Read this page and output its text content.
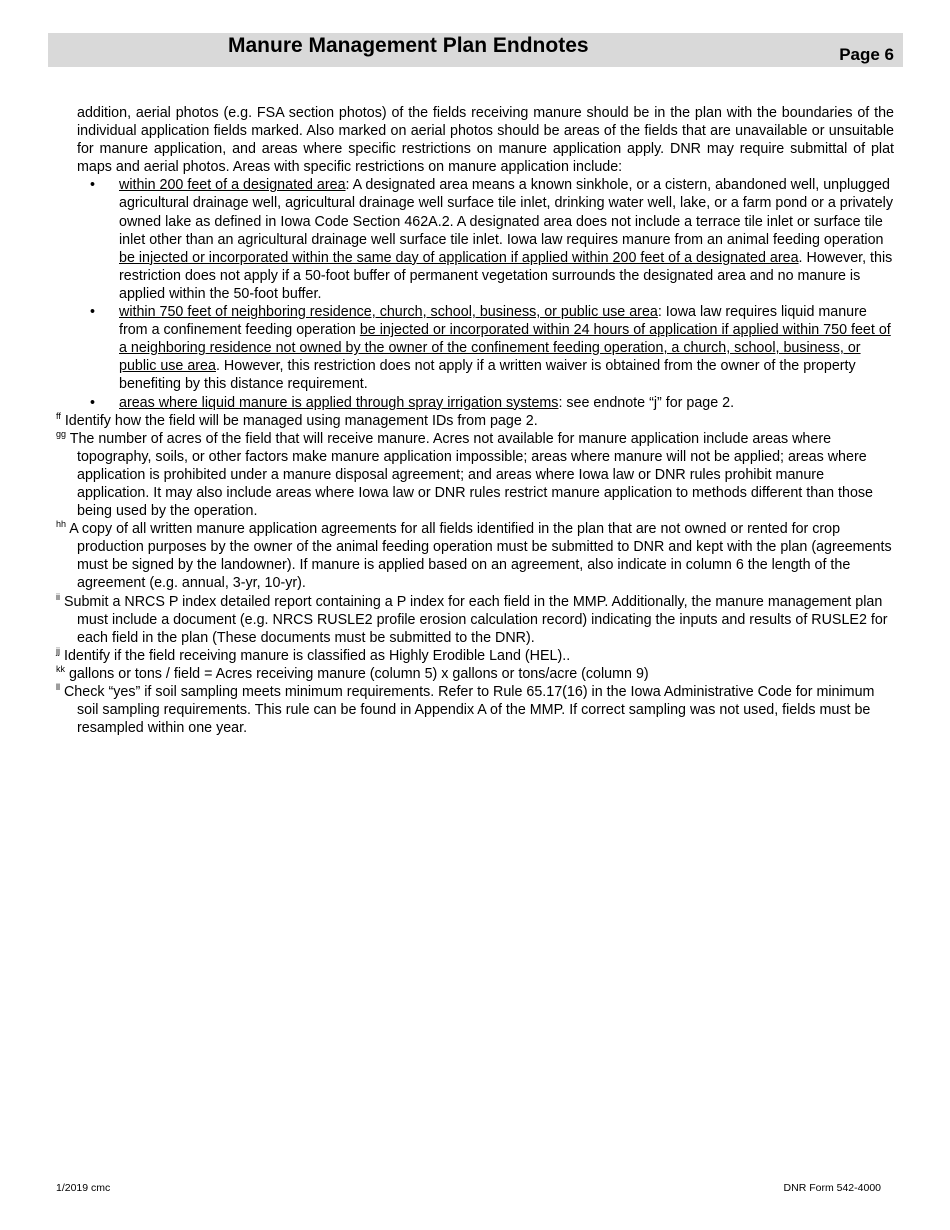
Manure Management Plan Endnotes	Page 6

addition, aerial photos (e.g. FSA section photos) of the fields receiving manure should be in the plan with the boundaries of the individual application fields marked. Also marked on aerial photos should be areas of the fields that are unavailable or unsuitable for manure application, and areas where specific restrictions on manure application apply. DNR may require submittal of plat maps and aerial photos. Areas with specific restrictions on manure application include:

• within 200 feet of a designated area: A designated area means a known sinkhole, or a cistern, abandoned well, unplugged agricultural drainage well, agricultural drainage well surface tile inlet, drinking water well, lake, or a farm pond or a privately owned lake as defined in Iowa Code Section 462A.2. A designated area does not include a terrace tile inlet or surface tile inlet other than an agricultural drainage well surface tile inlet. Iowa law requires manure from an animal feeding operation be injected or incorporated within the same day of application if applied within 200 feet of a designated area. However, this restriction does not apply if a 50-foot buffer of permanent vegetation surrounds the designated area and no manure is applied within the 50-foot buffer.
• within 750 feet of neighboring residence, church, school, business, or public use area: Iowa law requires liquid manure from a confinement feeding operation be injected or incorporated within 24 hours of application if applied within 750 feet of a neighboring residence not owned by the owner of the confinement feeding operation, a church, school, business, or public use area. However, this restriction does not apply if a written waiver is obtained from the owner of the property benefiting by this distance requirement.
• areas where liquid manure is applied through spray irrigation systems: see endnote “j” for page 2.
$^{ff}$ Identify how the field will be managed using management IDs from page 2.
$^{gg}$ The number of acres of the field that will receive manure. Acres not available for manure application include areas where topography, soils, or other factors make manure application impossible; areas where manure will not be applied; areas where application is prohibited under a manure disposal agreement; and areas where Iowa law or DNR rules prohibit manure application. It may also include areas where Iowa law or DNR rules restrict manure application to methods different than those being used by the operation.
$^{hh}$ A copy of all written manure application agreements for all fields identified in the plan that are not owned or rented for crop production purposes by the owner of the animal feeding operation must be submitted to DNR and kept with the plan (agreements must be signed by the landowner). If manure is applied based on an agreement, also indicate in column 6 the length of the agreement (e.g. annual, 3-yr, 10-yr).
$^{ii}$ Submit a NRCS P index detailed report containing a P index for each field in the MMP. Additionally, the manure management plan must include a document (e.g. NRCS RUSLE2 profile erosion calculation record) indicating the inputs and results of RUSLE2 for each field in the plan (These documents must be submitted to the DNR).
$^{jj}$ Identify if the field receiving manure is classified as Highly Erodible Land (HEL)..
$^{kk}$ gallons or tons / field = Acres receiving manure (column 5) x gallons or tons/acre (column 9)
$^{ll}$ Check “yes” if soil sampling meets minimum requirements. Refer to Rule 65.17(16) in the Iowa Administrative Code for minimum soil sampling requirements. This rule can be found in Appendix A of the MMP. If correct sampling was not used, fields must be resampled within one year.
1/2019 cmc	DNR Form 542-4000
